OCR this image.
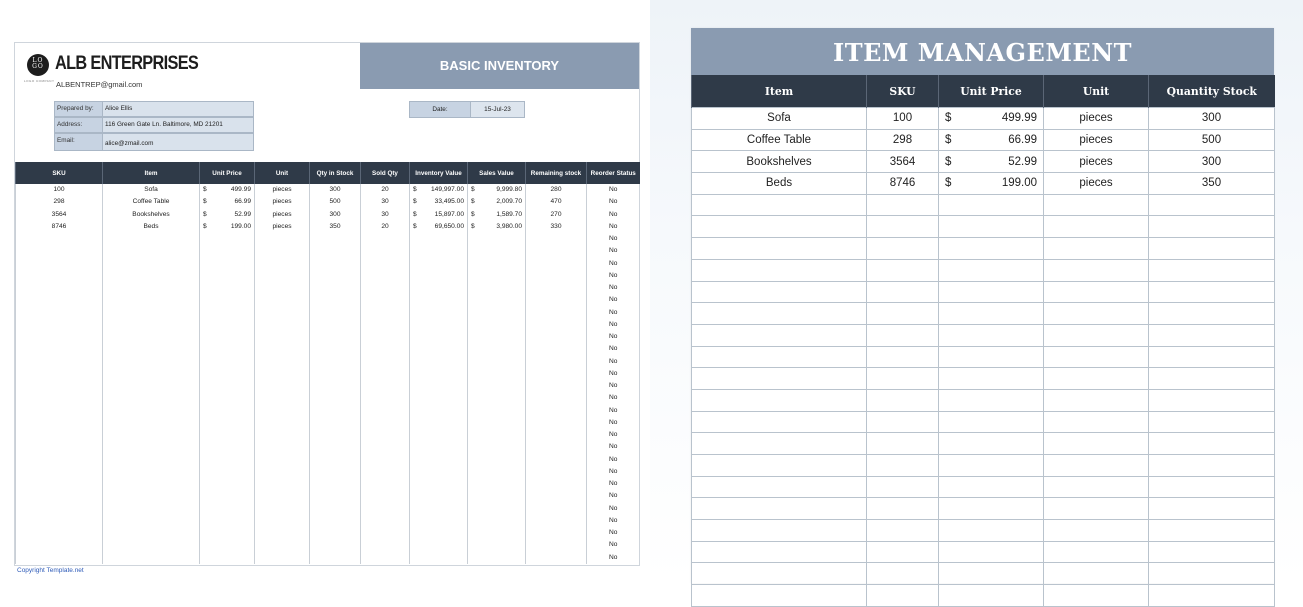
LO
GO
LOGO COMPANY
ALB ENTERPRISES
ALBENTREP@gmail.com
BASIC INVENTORY
Prepared by:	Alice Ellis
Address:	116 Green Gate Ln. Baltimore, MD 21201
Email:	alice@zmail.com
Date:	15-Jul-23
SKU	Item	Unit Price	Unit	Qty in Stock	Sold Qty	Inventory Value	Sales Value	Remaining stock	Reorder Status
100	Sofa	$ 499.99	pieces	300	20	$ 149,997.00	$ 9,999.80	280	No
298	Coffee Table	$ 66.99	pieces	500	30	$ 33,495.00	$ 2,009.70	470	No
3564	Bookshelves	$ 52.99	pieces	300	30	$ 15,897.00	$ 1,589.70	270	No
8746	Beds	$ 199.00	pieces	350	20	$ 69,650.00	$ 3,980.00	330	No
									No
									No
									No
									No
									No
									No
									No
									No
									No
									No
									No
									No
									No
									No
									No
									No
									No
									No
									No
									No
									No
									No
									No
									No
									No
									No
									No
Copyright Template.net
ITEM MANAGEMENT
Item	SKU	Unit Price	Unit	Quantity Stock
Sofa	100	$ 499.99	pieces	300
Coffee Table	298	$ 66.99	pieces	500
Bookshelves	3564	$ 52.99	pieces	300
Beds	8746	$ 199.00	pieces	350
